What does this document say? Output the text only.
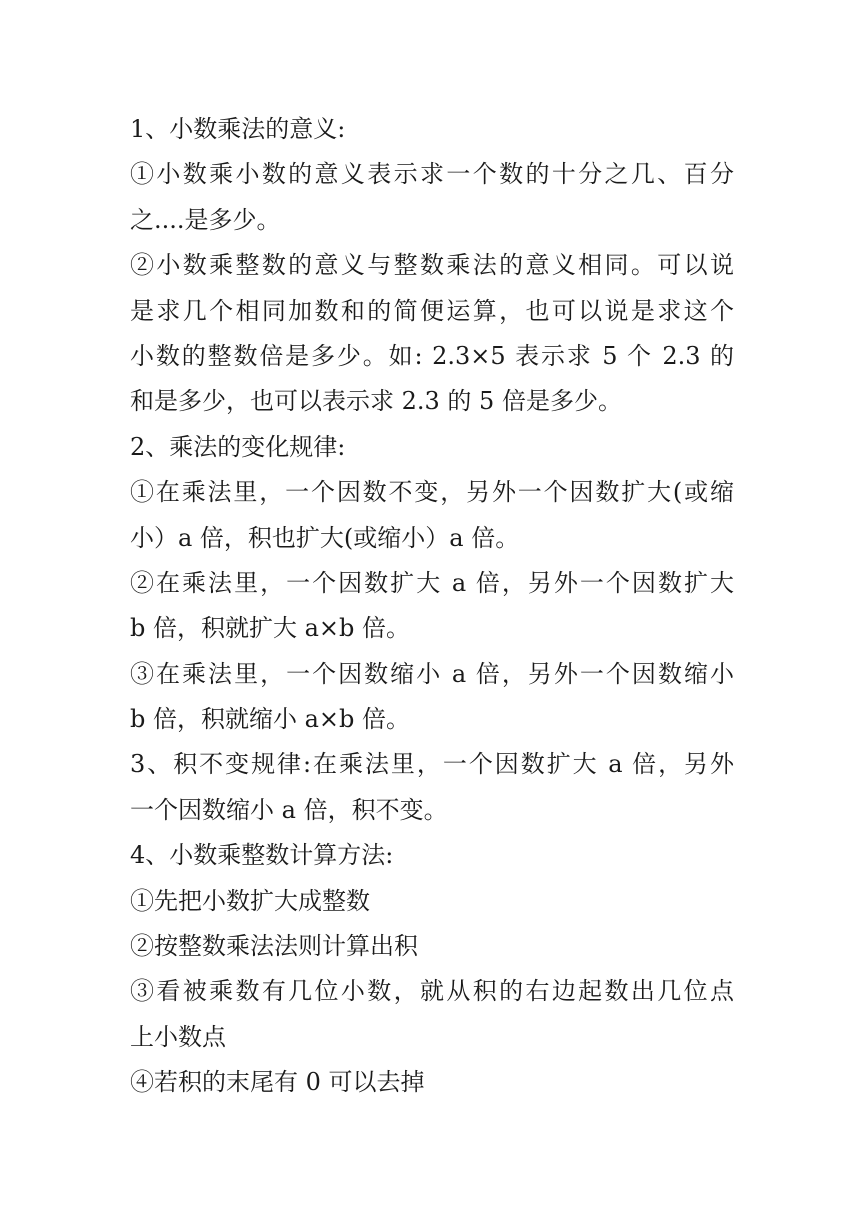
1、小数乘法的意义:
①小数乘小数的意义表示求一个数的十分之几、百分
之....是多少。
②小数乘整数的意义与整数乘法的意义相同。可以说
是求几个相同加数和的简便运算，也可以说是求这个
小数的整数倍是多少。如: 2.3×5 表示求 5 个 2.3 的
和是多少，也可以表示求 2.3 的 5 倍是多少。
2、乘法的变化规律:
①在乘法里，一个因数不变，另外一个因数扩大(或缩
小）a 倍，积也扩大(或缩小）a 倍。
②在乘法里，一个因数扩大 a 倍，另外一个因数扩大
b 倍，积就扩大 a×b 倍。
③在乘法里，一个因数缩小 a 倍，另外一个因数缩小
b 倍，积就缩小 a×b 倍。
3、积不变规律:在乘法里，一个因数扩大 a 倍，另外
一个因数缩小 a 倍，积不变。
4、小数乘整数计算方法:
①先把小数扩大成整数
②按整数乘法法则计算出积
③看被乘数有几位小数，就从积的右边起数出几位点
上小数点
④若积的末尾有 0 可以去掉
